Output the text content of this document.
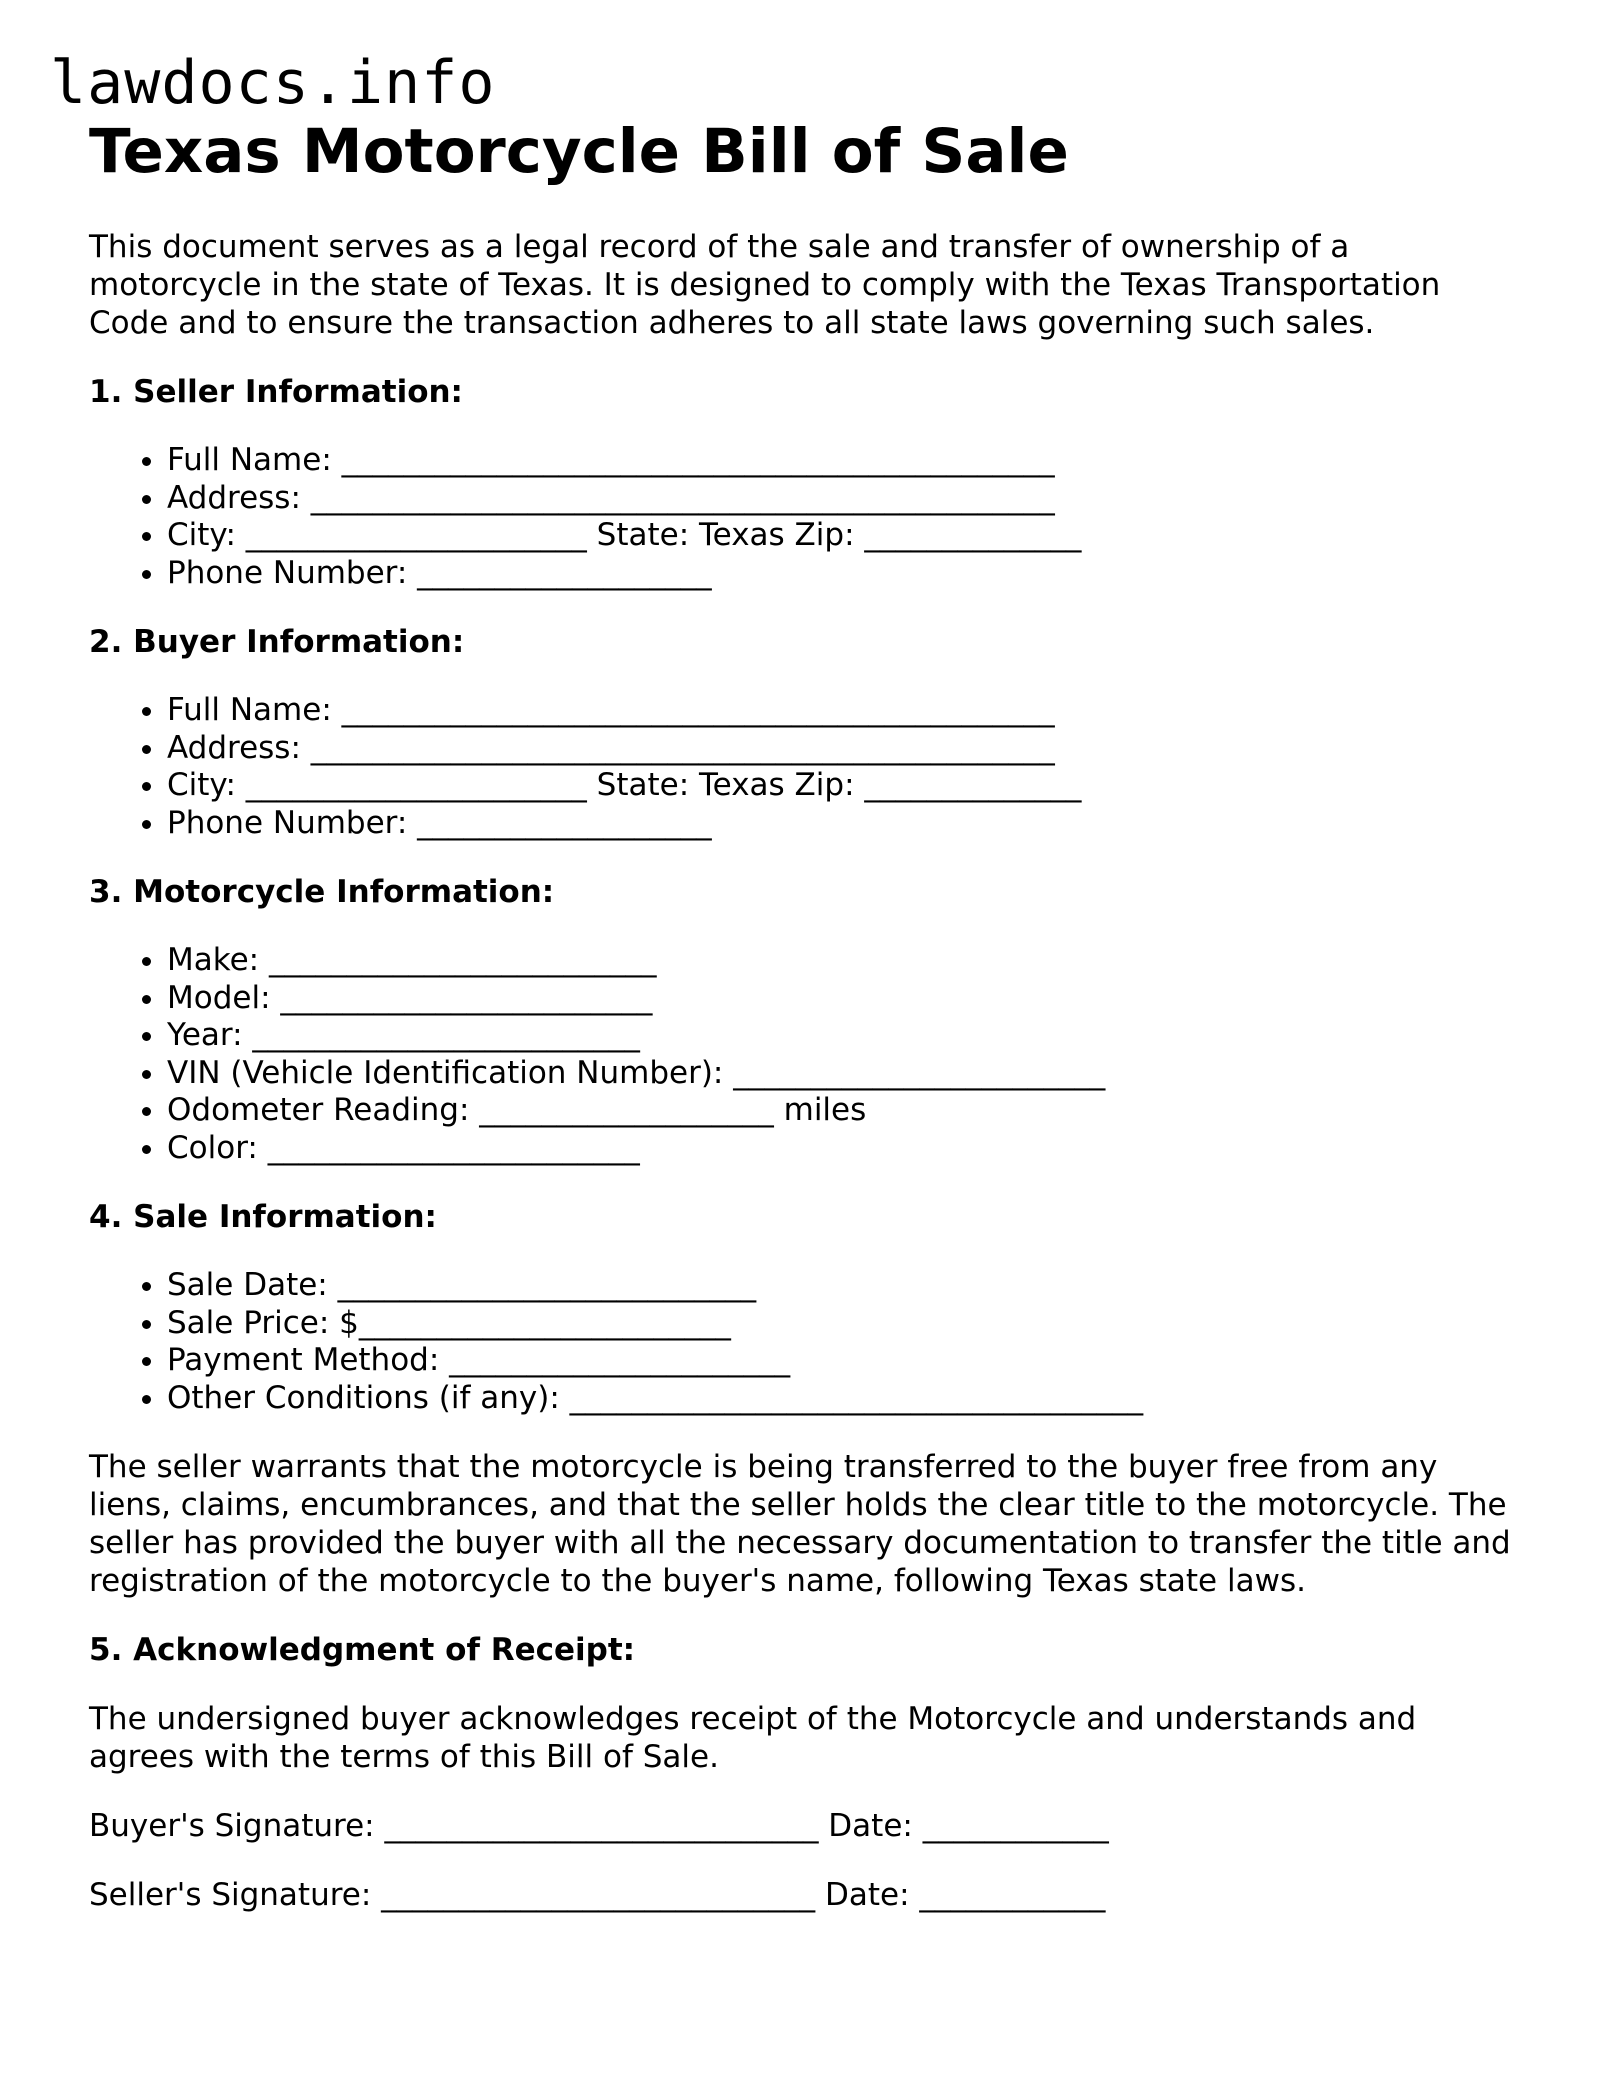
lawdocs.info
Texas Motorcycle Bill of Sale

This document serves as a legal record of the sale and transfer of ownership of a motorcycle in the state of Texas. It is designed to comply with the Texas Transportation Code and to ensure the transaction adheres to all state laws governing such sales.

1. Seller Information:
• Full Name: ______________________________________________
• Address: ________________________________________________
• City: ______________________ State: Texas Zip: ______________
• Phone Number: ___________________
2. Buyer Information:
• Full Name: ______________________________________________
• Address: ________________________________________________
• City: ______________________ State: Texas Zip: ______________
• Phone Number: ___________________
3. Motorcycle Information:
• Make: _________________________
• Model: ________________________
• Year: _________________________
• VIN (Vehicle Identification Number): ________________________
• Odometer Reading: ___________________ miles
• Color: ________________________
4. Sale Information:
• Sale Date: ___________________________
• Sale Price: $________________________
• Payment Method: ______________________
• Other Conditions (if any): _____________________________________

The seller warrants that the motorcycle is being transferred to the buyer free from any liens, claims, encumbrances, and that the seller holds the clear title to the motorcycle. The seller has provided the buyer with all the necessary documentation to transfer the title and registration of the motorcycle to the buyer's name, following Texas state laws.

5. Acknowledgment of Receipt:

The undersigned buyer acknowledges receipt of the Motorcycle and understands and agrees with the terms of this Bill of Sale.

Buyer's Signature: ____________________________ Date: ____________

Seller's Signature: ____________________________ Date: ____________
